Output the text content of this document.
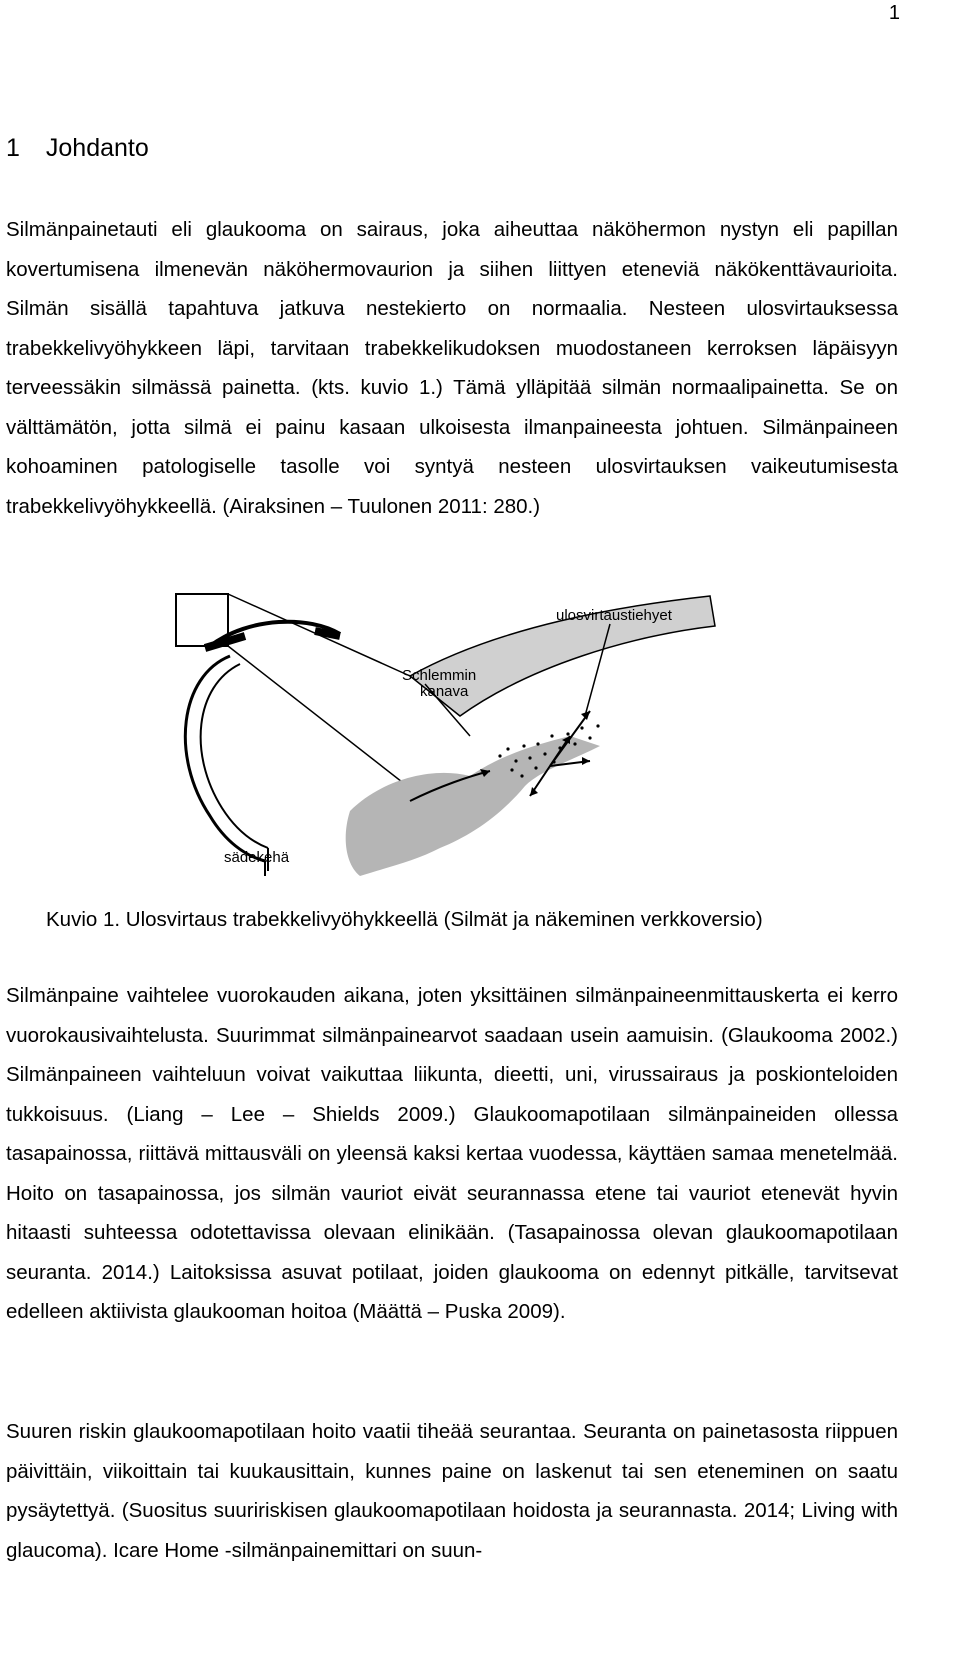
1
1 Johdanto

Silmänpainetauti eli glaukooma on sairaus, joka aiheuttaa näköhermon nystyn eli papillan kovertumisena ilmenevän näköhermovaurion ja siihen liittyen eteneviä näkökenttävaurioita. Silmän sisällä tapahtuva jatkuva nestekierto on normaalia. Nesteen ulosvirtauksessa trabekkelivyöhykkeen läpi, tarvitaan trabekkelikudoksen muodostaneen kerroksen läpäisyyn terveessäkin silmässä painetta. (kts. kuvio 1.) Tämä ylläpitää silmän normaalipainetta. Se on välttämätön, jotta silmä ei painu kasaan ulkoisesta ilmanpaineesta johtuen. Silmänpaineen kohoaminen patologiselle tasolle voi syntyä nesteen ulosvirtauksen vaikeutumisesta trabekkelivyöhykkeellä. (Airaksinen – Tuulonen 2011: 280.)

ulosvirtaustiehyet
Schlemmin
kanava
sädekehä

Kuvio 1. Ulosvirtaus trabekkelivyöhykkeellä (Silmät ja näkeminen verkkoversio)

Silmänpaine vaihtelee vuorokauden aikana, joten yksittäinen silmänpaineenmittauskerta ei kerro vuorokausivaihtelusta. Suurimmat silmänpainearvot saadaan usein aamuisin. (Glaukooma 2002.) Silmänpaineen vaihteluun voivat vaikuttaa liikunta, dieetti, uni, virussairaus ja poskionteloiden tukkoisuus. (Liang – Lee – Shields 2009.) Glaukoomapotilaan silmänpaineiden ollessa tasapainossa, riittävä mittausväli on yleensä kaksi kertaa vuodessa, käyttäen samaa menetelmää. Hoito on tasapainossa, jos silmän vauriot eivät seurannassa etene tai vauriot etenevät hyvin hitaasti suhteessa odotettavissa olevaan elinikään. (Tasapainossa olevan glaukoomapotilaan seuranta. 2014.) Laitoksissa asuvat potilaat, joiden glaukooma on edennyt pitkälle, tarvitsevat edelleen aktiivista glaukooman hoitoa (Määttä – Puska 2009).

Suuren riskin glaukoomapotilaan hoito vaatii tiheää seurantaa. Seuranta on painetasosta riippuen päivittäin, viikoittain tai kuukausittain, kunnes paine on laskenut tai sen eteneminen on saatu pysäytettyä. (Suositus suuririskisen glaukoomapotilaan hoidosta ja seurannasta. 2014; Living with glaucoma). Icare Home -silmänpainemittari on suun-
